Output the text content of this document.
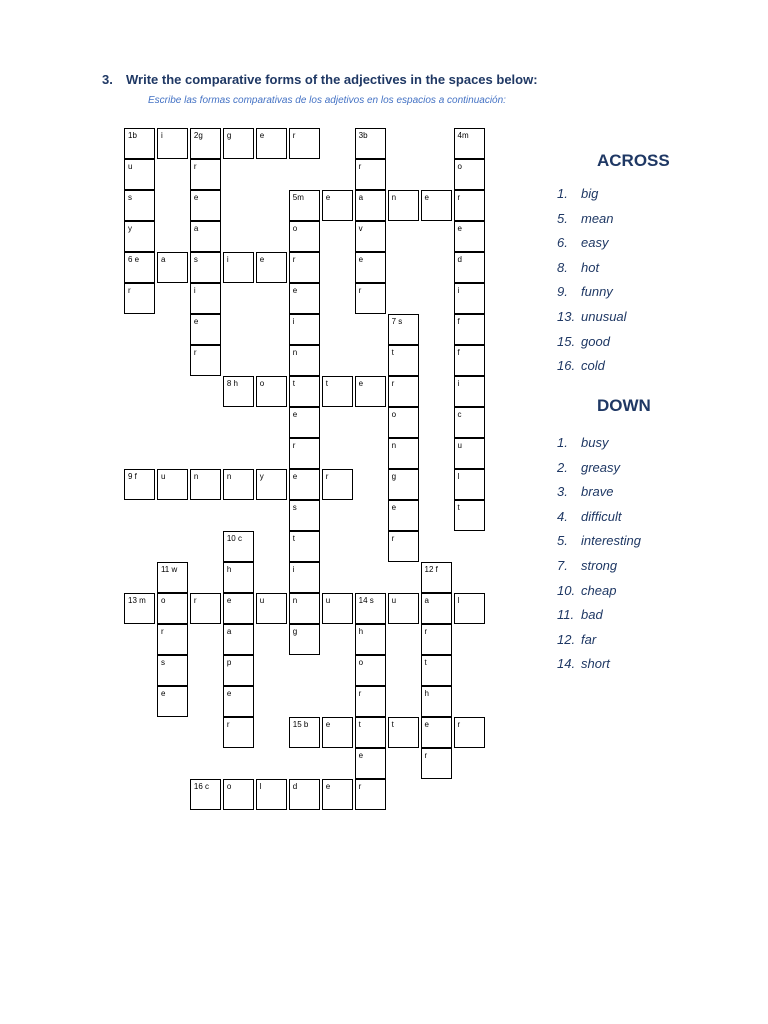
3. Write the comparative forms of the adjectives in the spaces below:
Escribe las formas comparativas de los adjetivos en los espacios a continuación:
1b	i	2g	g	e	r	3b	4m
u	r	r	o
s	e	5m	e	a	n	e	r
y	a	o	v	e
6 e	a	s	i	e	r	e	d
r	i	e	r	i
e	i	7 s	f
r	n	t	f
8 h	o	t	t	e	r	i
e	o	c
r	n	u
9 f	u	n	n	y	e	r	g	l
s	e	t
10 c	t	r
11 w	h	i	12 f
13 m	o	r	e	u	n	u	14 s	u	a	l
r	a	g	h	r
s	p	o	t
e	e	r	h
r	15 b	e	t	t	e	r
e	r
16 c	o	l	d	e	r
ACROSS
1. big
5. mean
6. easy
8. hot
9. funny
13. unusual
15. good
16. cold
DOWN
1. busy
2. greasy
3. brave
4. difficult
5. interesting
7. strong
10. cheap
11. bad
12. far
14. short
